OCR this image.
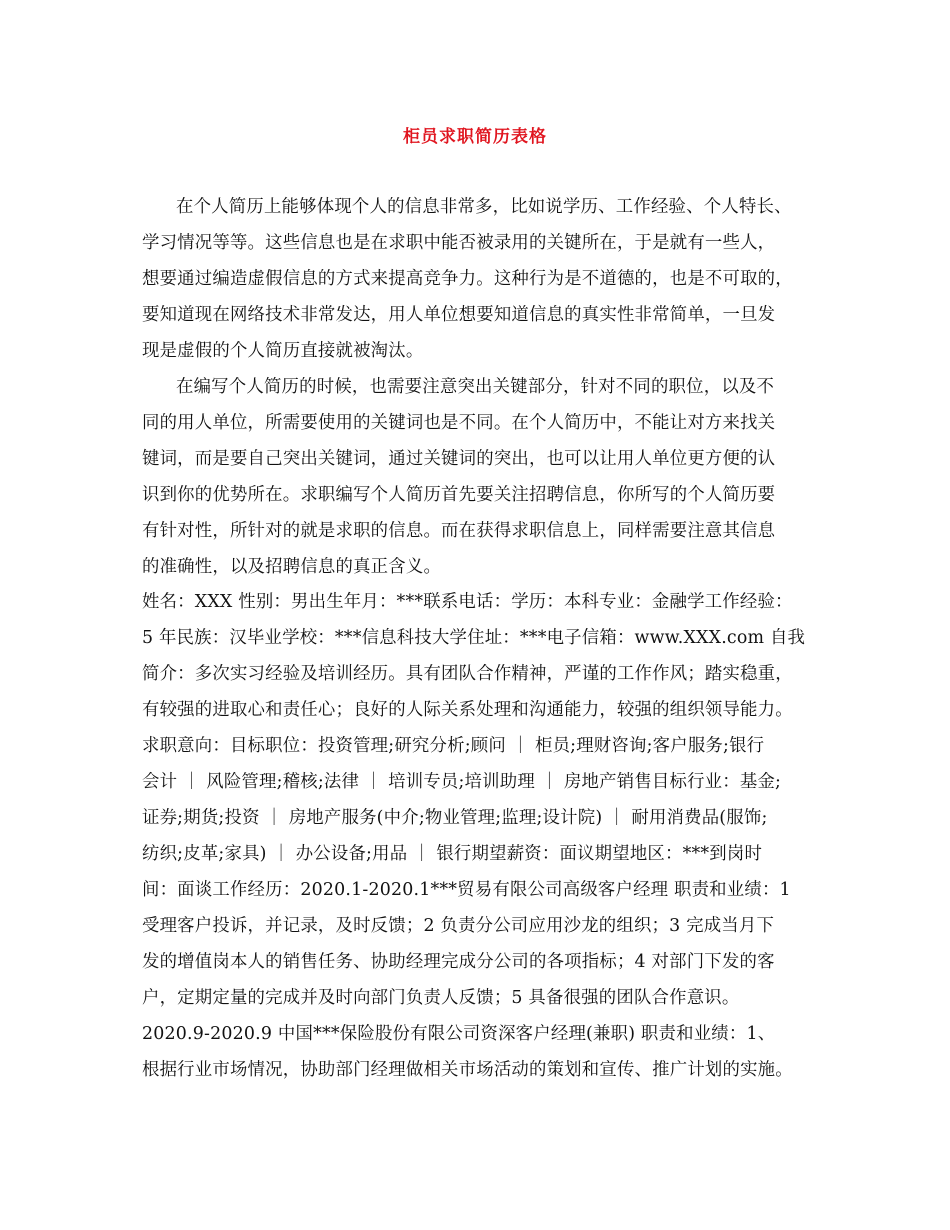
柜员求职简历表格
在个人简历上能够体现个人的信息非常多，比如说学历、工作经验、个人特长、
学习情况等等。这些信息也是在求职中能否被录用的关键所在，于是就有一些人，
想要通过编造虚假信息的方式来提高竞争力。这种行为是不道德的，也是不可取的，
要知道现在网络技术非常发达，用人单位想要知道信息的真实性非常简单，一旦发
现是虚假的个人简历直接就被淘汰。
在编写个人简历的时候，也需要注意突出关键部分，针对不同的职位，以及不
同的用人单位，所需要使用的关键词也是不同。在个人简历中，不能让对方来找关
键词，而是要自己突出关键词，通过关键词的突出，也可以让用人单位更方便的认
识到你的优势所在。求职编写个人简历首先要关注招聘信息，你所写的个人简历要
有针对性，所针对的就是求职的信息。而在获得求职信息上，同样需要注意其信息
的准确性，以及招聘信息的真正含义。
姓名：XXX 性别：男出生年月：***联系电话：学历：本科专业：金融学工作经验：
5 年民族：汉毕业学校：***信息科技大学住址：***电子信箱：www.XXX.com 自我
简介：多次实习经验及培训经历。具有团队合作精神，严谨的工作作风；踏实稳重，
有较强的进取心和责任心；良好的人际关系处理和沟通能力，较强的组织领导能力。
求职意向：目标职位：投资管理;研究分析;顾问 ｜ 柜员;理财咨询;客户服务;银行
会计 ｜ 风险管理;稽核;法律 ｜ 培训专员;培训助理 ｜ 房地产销售目标行业：基金;
证券;期货;投资 ｜ 房地产服务(中介;物业管理;监理;设计院) ｜ 耐用消费品(服饰;
纺织;皮革;家具) ｜ 办公设备;用品 ｜ 银行期望薪资：面议期望地区：***到岗时
间：面谈工作经历：2020.1-2020.1***贸易有限公司高级客户经理 职责和业绩：1
受理客户投诉，并记录，及时反馈；2 负责分公司应用沙龙的组织；3 完成当月下
发的增值岗本人的销售任务、协助经理完成分公司的各项指标；4 对部门下发的客
户，定期定量的完成并及时向部门负责人反馈；5 具备很强的团队合作意识。
2020.9-2020.9 中国***保险股份有限公司资深客户经理(兼职) 职责和业绩：1、
根据行业市场情况，协助部门经理做相关市场活动的策划和宣传、推广计划的实施。
